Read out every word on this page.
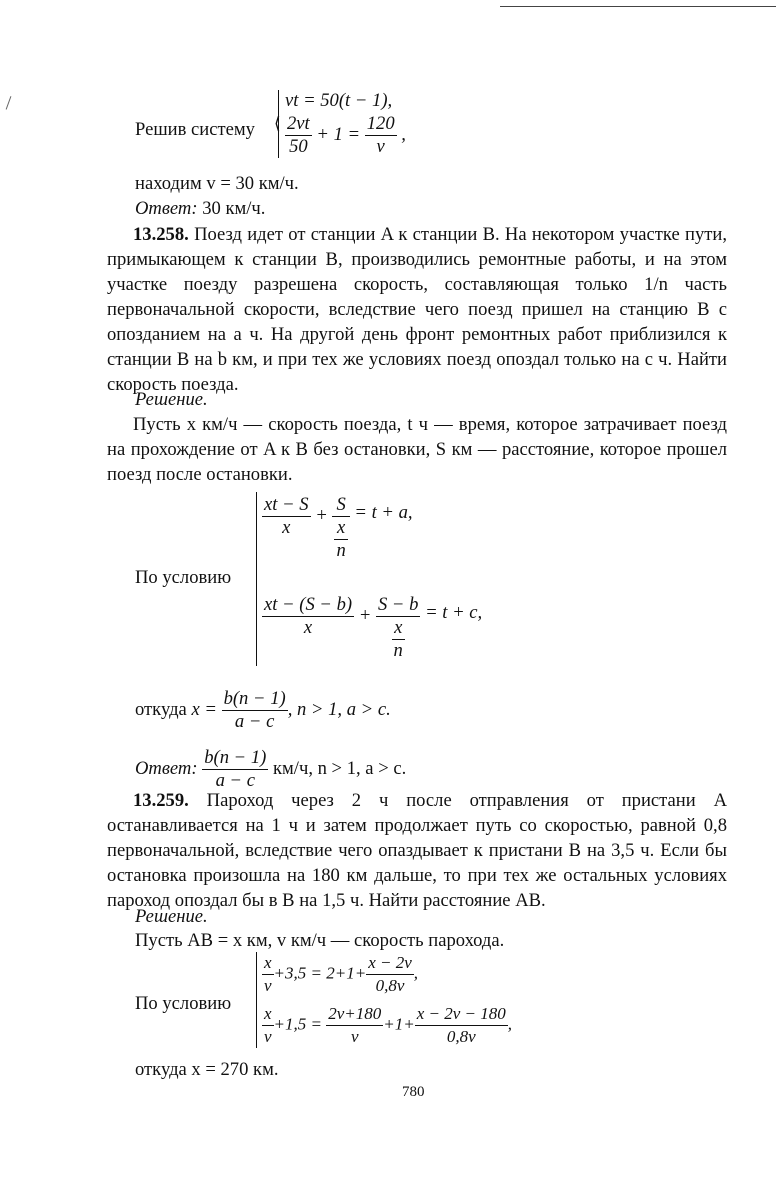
Решив систему ⟨
vt = 50(t − 1),
$\frac{2vt}{50} + 1 = \frac{120}{v}$ ,
находим v = 30 км/ч.
Ответ: 30 км/ч.
13.258. Поезд идет от станции A к станции B. На некотором участке пути, примыкающем к станции B, производились ремонтные работы, и на этом участке поезду разрешена скорость, составляющая только 1/n часть первоначальной скорости, вследствие чего поезд пришел на станцию B с опозданием на a ч. На другой день фронт ремонтных работ приблизился к станции B на b км, и при тех же условиях поезд опоздал только на c ч. Найти скорость поезда.
Решение.
Пусть x км/ч — скорость поезда, t ч — время, которое затрачивает поезд на прохождение от A к B без остановки, S км — расстояние, которое прошел поезд после остановки.
По условию
$\frac{xt - S}{x} + \frac{S}{\frac{x}{n}} = t + a$,
$\frac{xt - (S - b)}{x} + \frac{S - b}{\frac{x}{n}} = t + c$,
откуда $x = \frac{b(n - 1)}{a - c}$ , n > 1, a > c.
Ответ: $\frac{b(n - 1)}{a - c} км/ч$, n > 1, a > c.
13.259. Пароход через 2 ч после отправления от пристани A останавливается на 1 ч и затем продолжает путь со скоростью, равной 0,8 первоначальной, вследствие чего опаздывает к пристани B на 3,5 ч. Если бы остановка произошла на 180 км дальше, то при тех же остальных условиях пароход опоздал бы в B на 1,5 ч. Найти расстояние AB.
Решение.
Пусть AB = x км, v км/ч — скорость парохода.
По условию
$\frac{x}{v} +3,5 = 2+1+ \frac{x - 2v}{0,8v}$ ,
$\frac{x}{v} +1,5 = \frac{2v+180}{v} +1+ \frac{x - 2v - 180}{0,8v}$ ,
откуда x = 270 км.
780
